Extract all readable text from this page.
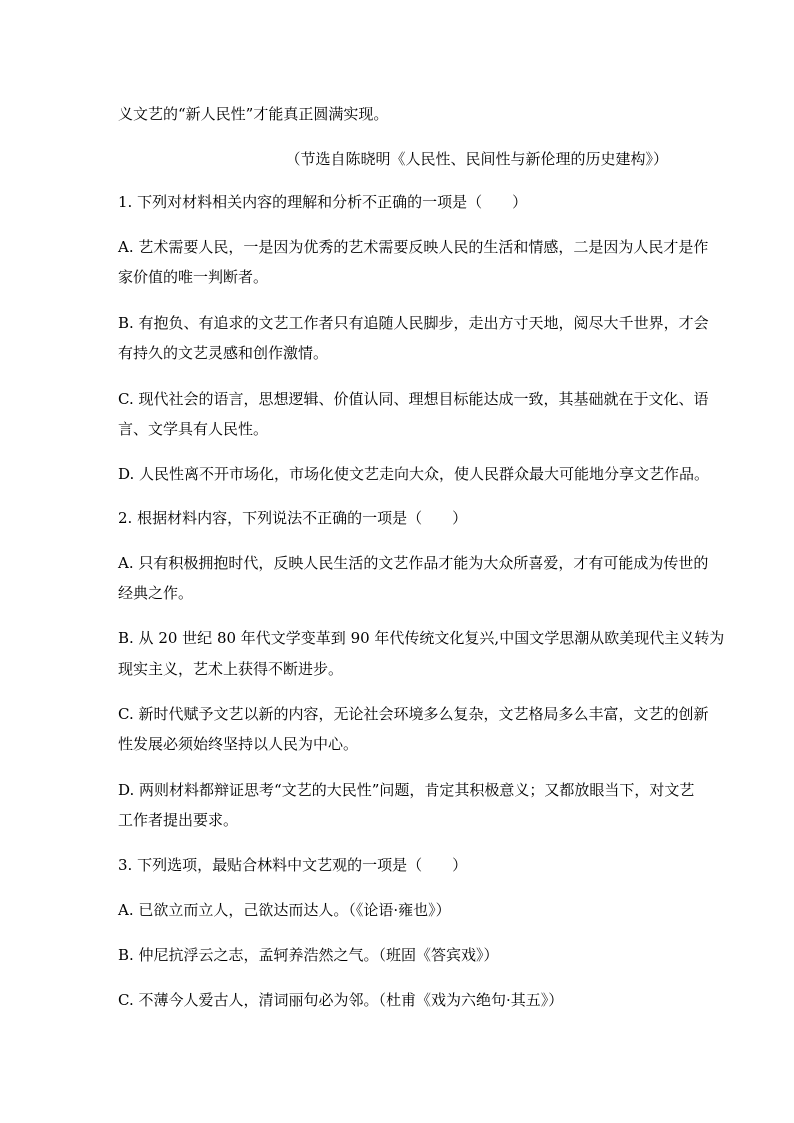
义文艺的“新人民性”才能真正圆满实现。
（节选自陈晓明《人民性、民间性与新伦理的历史建构》）
1. 下列对材料相关内容的理解和分析不正确的一项是（　　）
A. 艺术需要人民，一是因为优秀的艺术需要反映人民的生活和情感，二是因为人民才是作
家价值的唯一判断者。
B. 有抱负、有追求的文艺工作者只有追随人民脚步，走出方寸天地，阅尽大千世界，才会
有持久的文艺灵感和创作激情。
C. 现代社会的语言，思想逻辑、价值认同、理想目标能达成一致，其基础就在于文化、语
言、文学具有人民性。
D. 人民性离不开市场化，市场化使文艺走向大众，使人民群众最大可能地分享文艺作品。
2. 根据材料内容，下列说法不正确的一项是（　　）
A. 只有积极拥抱时代，反映人民生活的文艺作品才能为大众所喜爱，才有可能成为传世的
经典之作。
B. 从 20 世纪 80 年代文学变革到 90 年代传统文化复兴,中国文学思潮从欧美现代主义转为
现实主义，艺术上获得不断进步。
C. 新时代赋予文艺以新的内容，无论社会环境多么复杂，文艺格局多么丰富，文艺的创新
性发展必须始终坚持以人民为中心。
D. 两则材料都辩证思考“文艺的大民性”问题，肯定其积极意义；又都放眼当下，对文艺
工作者提出要求。
3. 下列选项，最贴合林料中文艺观的一项是（　　）
A. 已欲立而立人，己欲达而达人。（《论语·雍也》）
B. 仲尼抗浮云之志，孟轲养浩然之气。（班固《答宾戏》）
C. 不薄今人爱古人，清词丽句必为邻。（杜甫《戏为六绝句·其五》）
